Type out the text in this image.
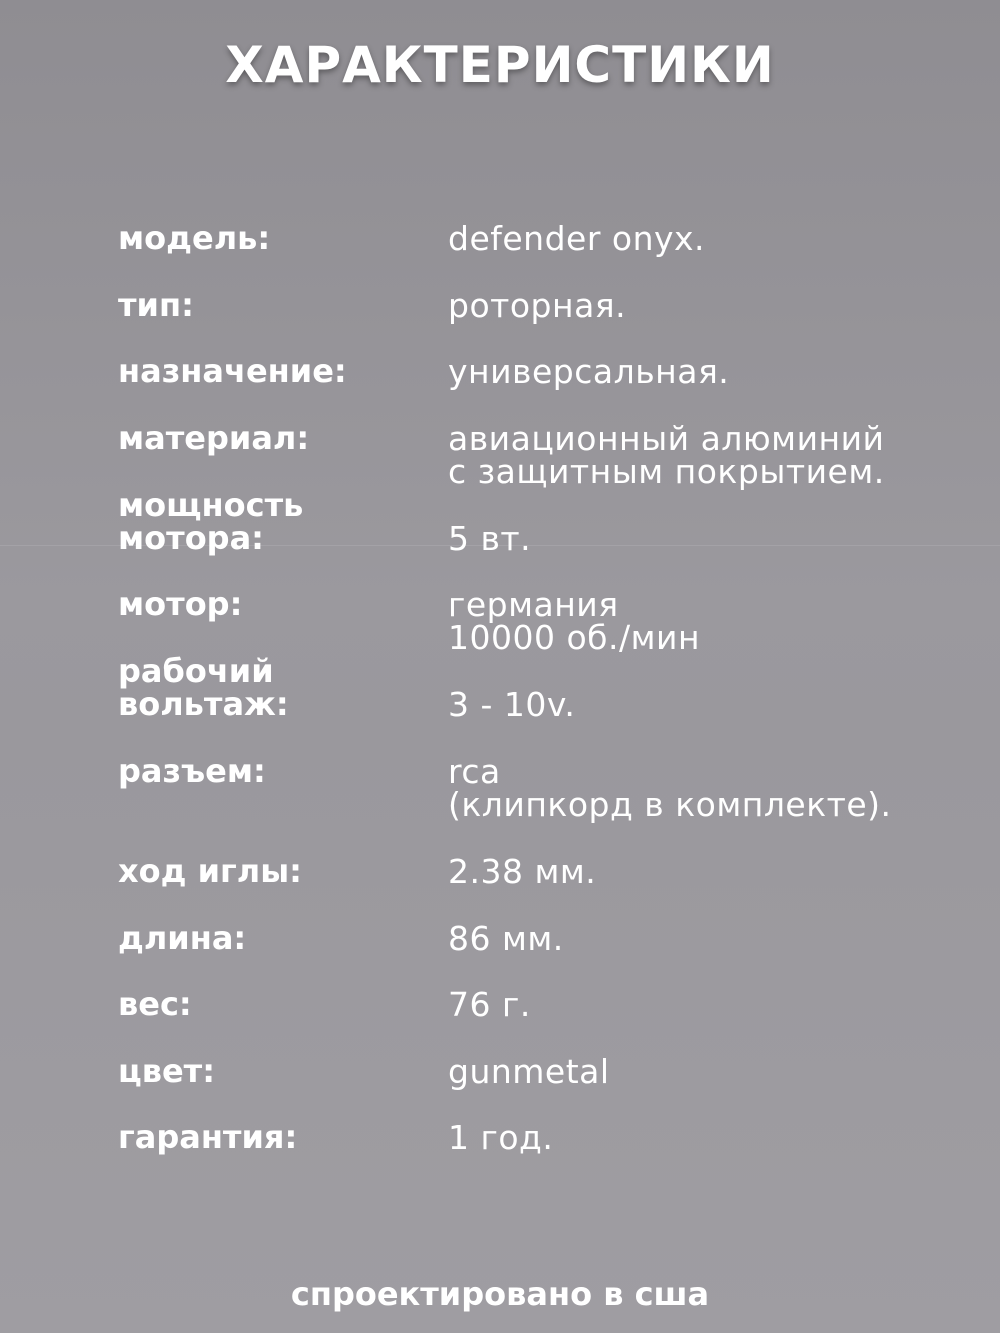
ХАРАКТЕРИСТИКИ
модель:	defender onyx.
тип:	роторная.
назначение:	универсальная.
материал:	авиационный алюминий
с защитным покрытием.
мощность
мотора:	5 вт.
мотор:	германия
10000 об./мин
рабочий
вольтаж:	3 - 10v.
разъем:	rca
(клипкорд в комплекте).
ход иглы:	2.38 мм.
длина:	86 мм.
вес:	76 г.
цвет:	gunmetal
гарантия:	1 год.
спроектировано в сша
